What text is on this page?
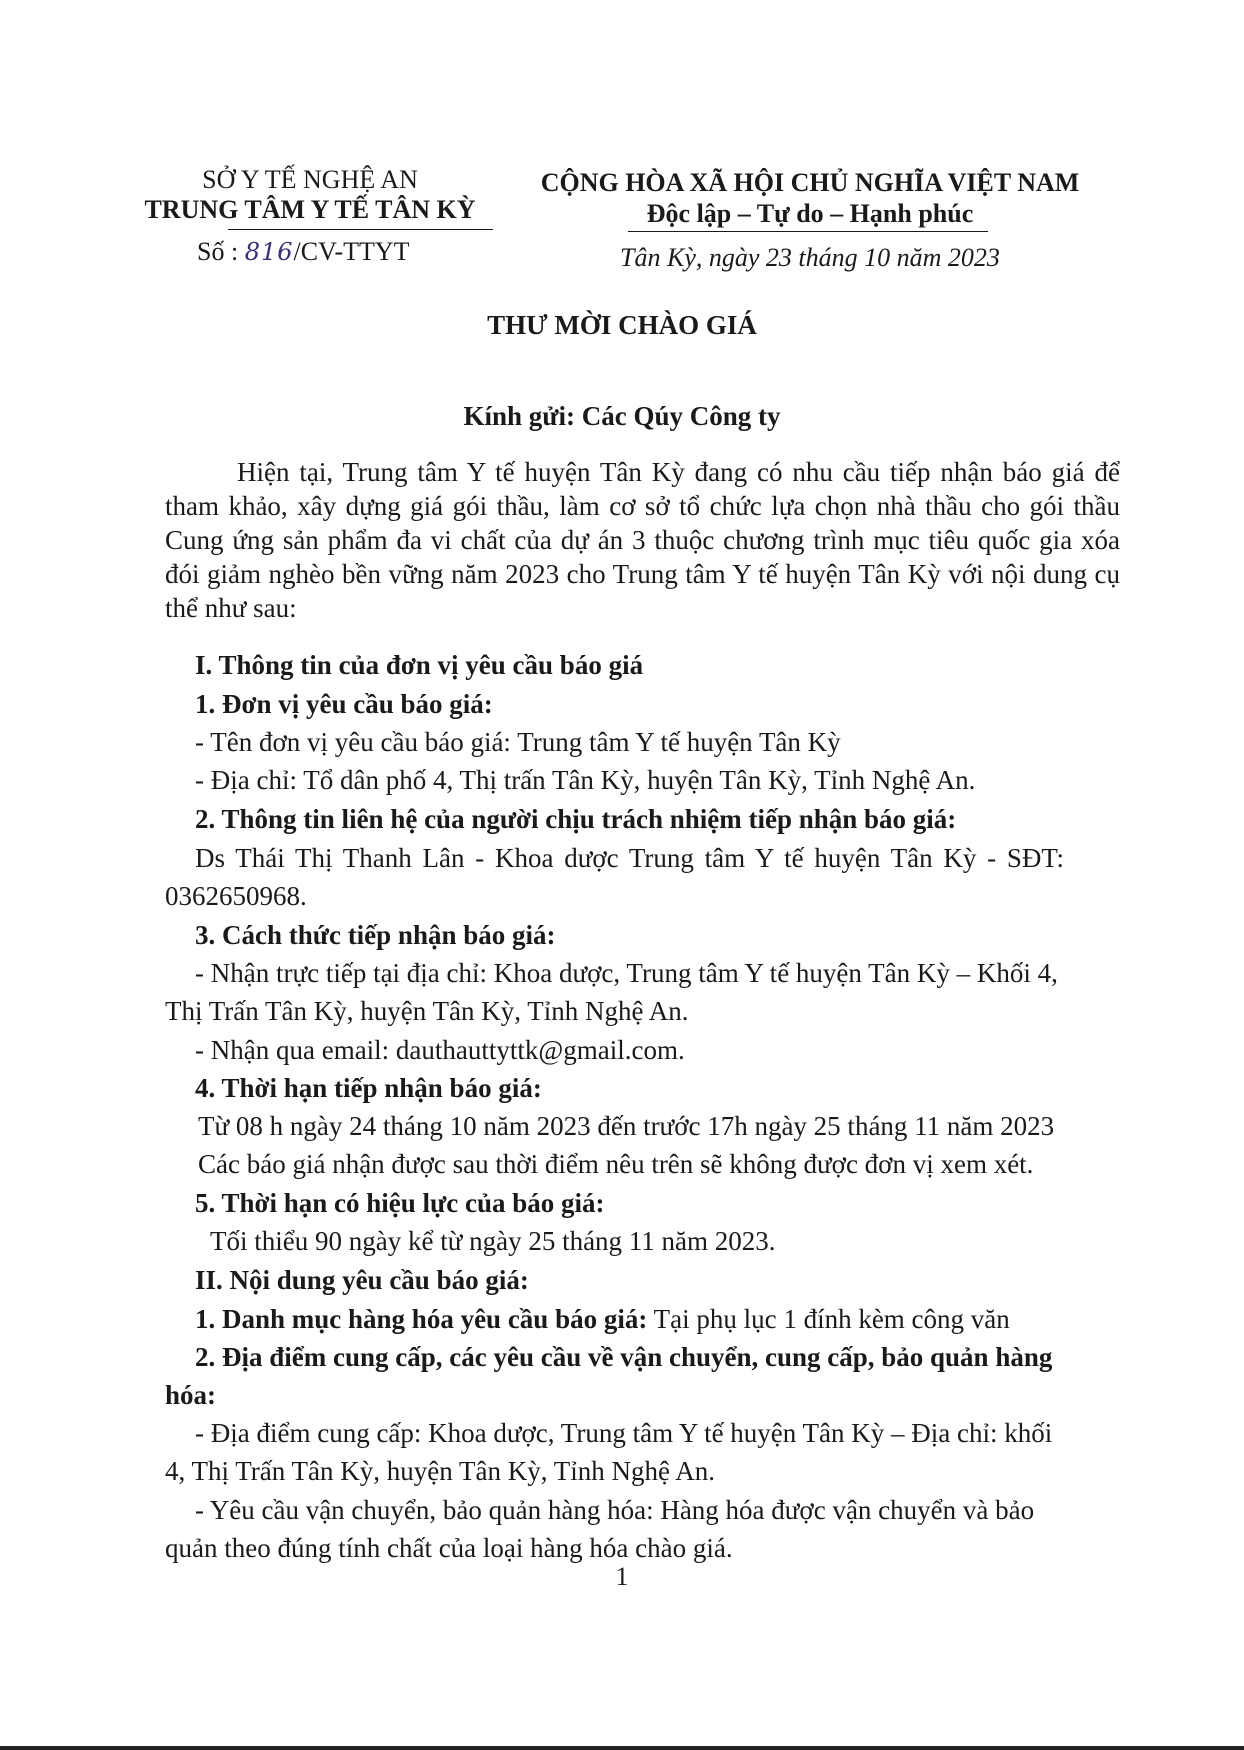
SỞ Y TẾ NGHỆ AN
TRUNG TÂM Y TẾ TÂN KỲ
Số : 816/CV-TTYT
CỘNG HÒA XÃ HỘI CHỦ NGHĨA VIỆT NAM
Độc lập – Tự do – Hạnh phúc
Tân Kỳ, ngày 23 tháng 10 năm 2023
THƯ MỜI CHÀO GIÁ
Kính gửi: Các Qúy Công ty
Hiện tại, Trung tâm Y tế huyện Tân Kỳ đang có nhu cầu tiếp nhận báo giá để tham khảo, xây dựng giá gói thầu, làm cơ sở tổ chức lựa chọn nhà thầu cho gói thầu Cung ứng sản phẩm đa vi chất của dự án 3 thuộc chương trình mục tiêu quốc gia xóa đói giảm nghèo bền vững năm 2023 cho Trung tâm Y tế huyện Tân Kỳ với nội dung cụ thể như sau:
I. Thông tin của đơn vị yêu cầu báo giá
1. Đơn vị yêu cầu báo giá:
- Tên đơn vị yêu cầu báo giá: Trung tâm Y tế huyện Tân Kỳ
- Địa chỉ: Tổ dân phố 4, Thị trấn Tân Kỳ, huyện Tân Kỳ, Tỉnh Nghệ An.
2. Thông tin liên hệ của người chịu trách nhiệm tiếp nhận báo giá:
Ds Thái Thị Thanh Lân - Khoa dược Trung tâm Y tế huyện Tân Kỳ - SĐT:
0362650968.
3. Cách thức tiếp nhận báo giá:
- Nhận trực tiếp tại địa chỉ: Khoa dược, Trung tâm Y tế huyện Tân Kỳ – Khối 4,
Thị Trấn Tân Kỳ, huyện Tân Kỳ, Tỉnh Nghệ An.
- Nhận qua email: dauthauttyttk@gmail.com.
4. Thời hạn tiếp nhận báo giá:
Từ 08 h ngày 24 tháng 10 năm 2023 đến trước 17h ngày 25 tháng 11 năm 2023
Các báo giá nhận được sau thời điểm nêu trên sẽ không được đơn vị xem xét.
5. Thời hạn có hiệu lực của báo giá:
Tối thiểu 90 ngày kể từ ngày 25 tháng 11 năm 2023.
II. Nội dung yêu cầu báo giá:
1. Danh mục hàng hóa yêu cầu báo giá: Tại phụ lục 1 đính kèm công văn
2. Địa điểm cung cấp, các yêu cầu về vận chuyển, cung cấp, bảo quản hàng
hóa:
- Địa điểm cung cấp: Khoa dược, Trung tâm Y tế huyện Tân Kỳ – Địa chỉ: khối
4, Thị Trấn Tân Kỳ, huyện Tân Kỳ, Tỉnh Nghệ An.
- Yêu cầu vận chuyển, bảo quản hàng hóa: Hàng hóa được vận chuyển và bảo
quản theo đúng tính chất của loại hàng hóa chào giá.
1
